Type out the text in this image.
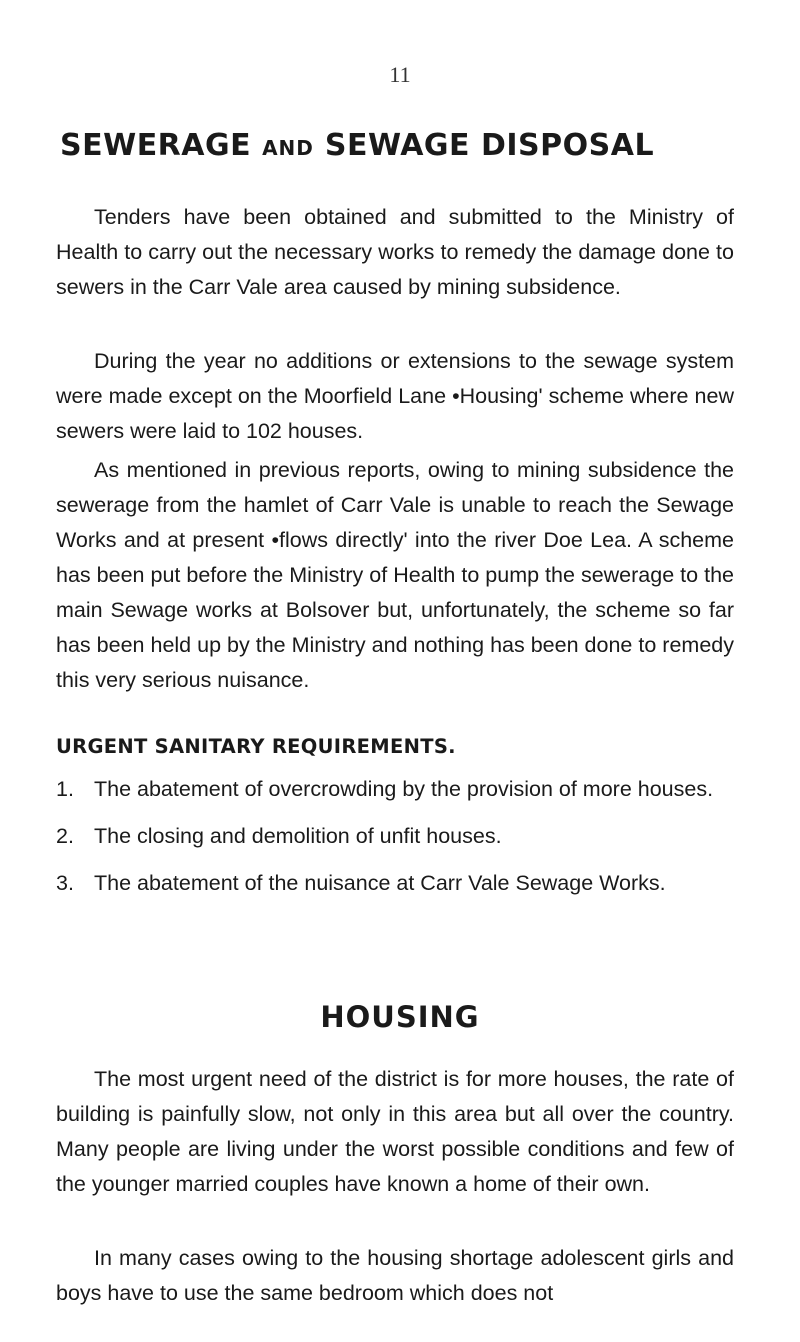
11
SEWERAGE AND SEWAGE DISPOSAL

Tenders have been obtained and submitted to the Ministry of Health to carry out the necessary works to remedy the damage done to sewers in the Carr Vale area caused by mining subsidence.

During the year no additions or extensions to the sewage system were made except on the Moorfield Lane •Housing' scheme where new sewers were laid to 102 houses.

As mentioned in previous reports, owing to mining subsidence the sewerage from the hamlet of Carr Vale is unable to reach the Sewage Works and at present •flows directly' into the river Doe Lea. A scheme has been put before the Ministry of Health to pump the sewerage to the main Sewage works at Bolsover but, unfortunately, the scheme so far has been held up by the Ministry and nothing has been done to remedy this very serious nuisance.

URGENT SANITARY REQUIREMENTS.
1. The abatement of overcrowding by the provision of more houses.
2. The closing and demolition of unfit houses.
3. The abatement of the nuisance at Carr Vale Sewage Works.
HOUSING

The most urgent need of the district is for more houses, the rate of building is painfully slow, not only in this area but all over the country. Many people are living under the worst possible conditions and few of the younger married couples have known a home of their own.

In many cases owing to the housing shortage adolescent girls and boys have to use the same bedroom which does not
